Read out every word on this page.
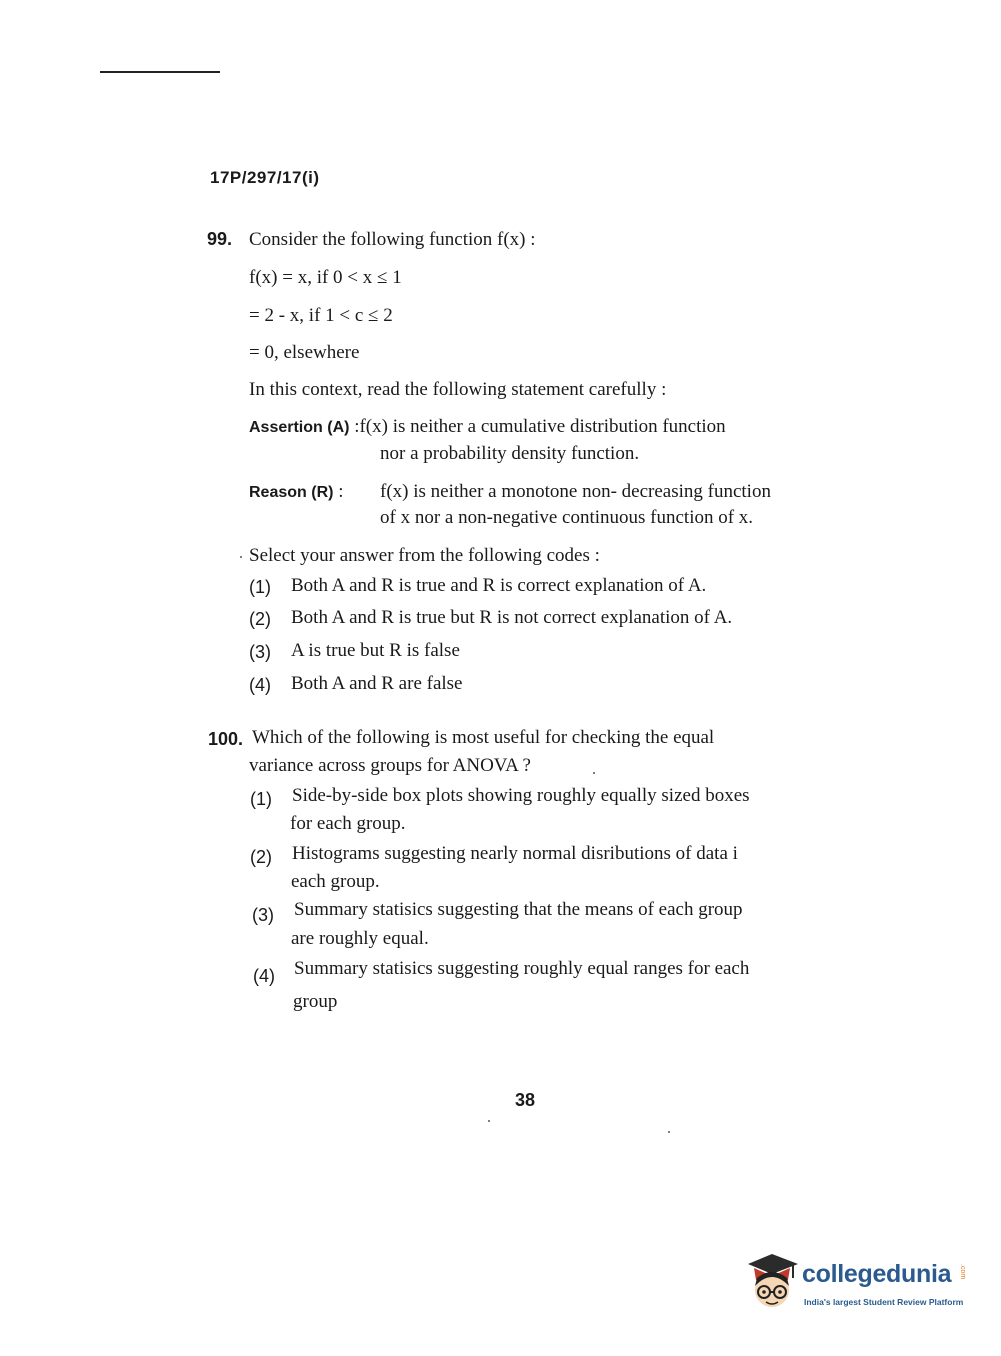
17P/297/17(i)
99. Consider the following function f(x) :
f(x) = x, if 0 < x ≤ 1
= 2 - x, if 1 < c ≤ 2
= 0, elsewhere
In this context, read the following statement carefully :
Assertion (A) :f(x) is neither a cumulative distribution function
nor a probability density function.
Reason (R) : f(x) is neither a monotone non- decreasing function
of x nor a non-negative continuous function of x.
Select your answer from the following codes :
(1) Both A and R is true and R is correct explanation of A.
(2) Both A and R is true but R is not correct explanation of A.
(3) A is true but R is false
(4) Both A and R are false
100. Which of the following is most useful for checking the equal
variance across groups for ANOVA ?
(1) Side-by-side box plots showing roughly equally sized boxes
for each group.
(2) Histograms suggesting nearly normal disributions of data i
each group.
(3) Summary statisics suggesting that the means of each group
are roughly equal.
(4) Summary statisics suggesting roughly equal ranges for each
group
38
collegedunia .com
India's largest Student Review Platform
